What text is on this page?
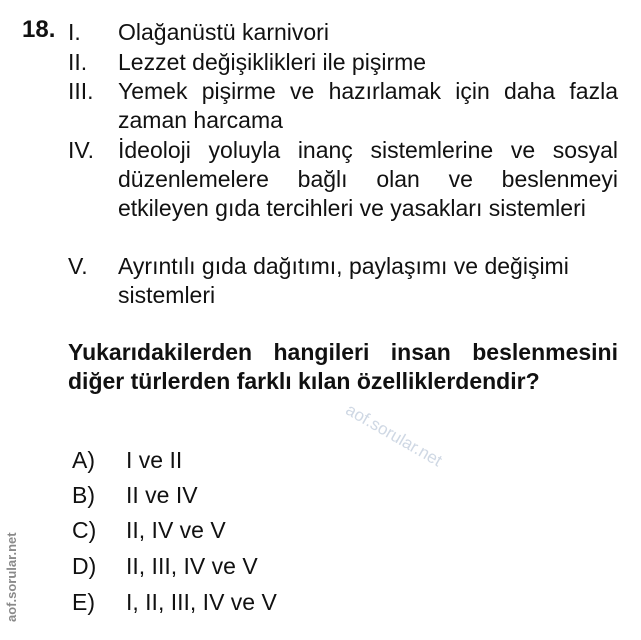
18. I. Olağanüstü karnivori
II. Lezzet değişiklikleri ile pişirme
III. Yemek pişirme ve hazırlamak için daha fazla zaman harcama
IV. İdeoloji yoluyla inanç sistemlerine ve sosyal düzenlemelere bağlı olan ve beslenmeyi etkileyen gıda tercihleri ve yasakları sistemleri
V. Ayrıntılı gıda dağıtımı, paylaşımı ve değişimi sistemleri
Yukarıdakilerden hangileri insan beslenmesini diğer türlerden farklı kılan özelliklerdendir?
A) I ve II
B) II ve IV
C) II, IV ve V
D) II, III, IV ve V
E) I, II, III, IV ve V
aof.sorular.net
aof.sorular.net
